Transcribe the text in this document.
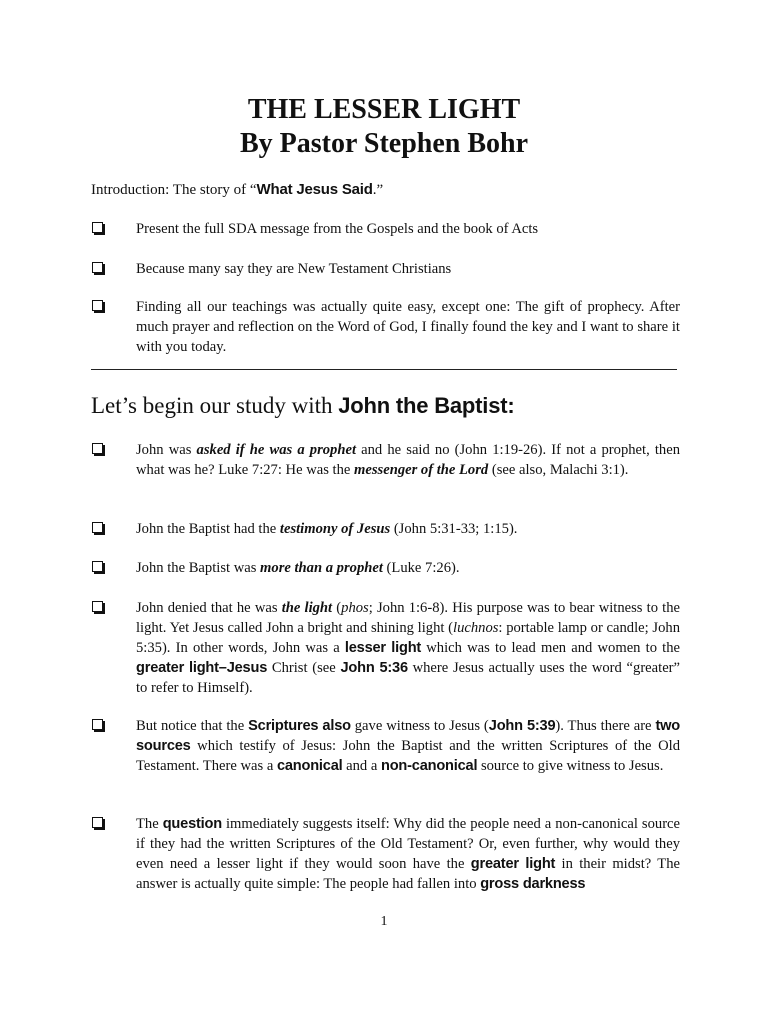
THE LESSER LIGHT
By Pastor Stephen Bohr
Introduction: The story of “What Jesus Said.”
Present the full SDA message from the Gospels and the book of Acts
Because many say they are New Testament Christians
Finding all our teachings was actually quite easy, except one: The gift of prophecy. After much prayer and reflection on the Word of God, I finally found the key and I want to share it with you today.
Let’s begin our study with John the Baptist:
John was asked if he was a prophet and he said no (John 1:19-26). If not a prophet, then what was he? Luke 7:27: He was the messenger of the Lord (see also, Malachi 3:1).
John the Baptist had the testimony of Jesus (John 5:31-33; 1:15).
John the Baptist was more than a prophet (Luke 7:26).
John denied that he was the light (phos; John 1:6-8). His purpose was to bear witness to the light. Yet Jesus called John a bright and shining light (luchnos: portable lamp or candle; John 5:35). In other words, John was a lesser light which was to lead men and women to the greater light–Jesus Christ (see John 5:36 where Jesus actually uses the word “greater” to refer to Himself).
But notice that the Scriptures also gave witness to Jesus (John 5:39). Thus there are two sources which testify of Jesus: John the Baptist and the written Scriptures of the Old Testament. There was a canonical and a non-canonical source to give witness to Jesus.
The question immediately suggests itself: Why did the people need a non-canonical source if they had the written Scriptures of the Old Testament? Or, even further, why would they even need a lesser light if they would soon have the greater light in their midst? The answer is actually quite simple: The people had fallen into gross darkness
1
